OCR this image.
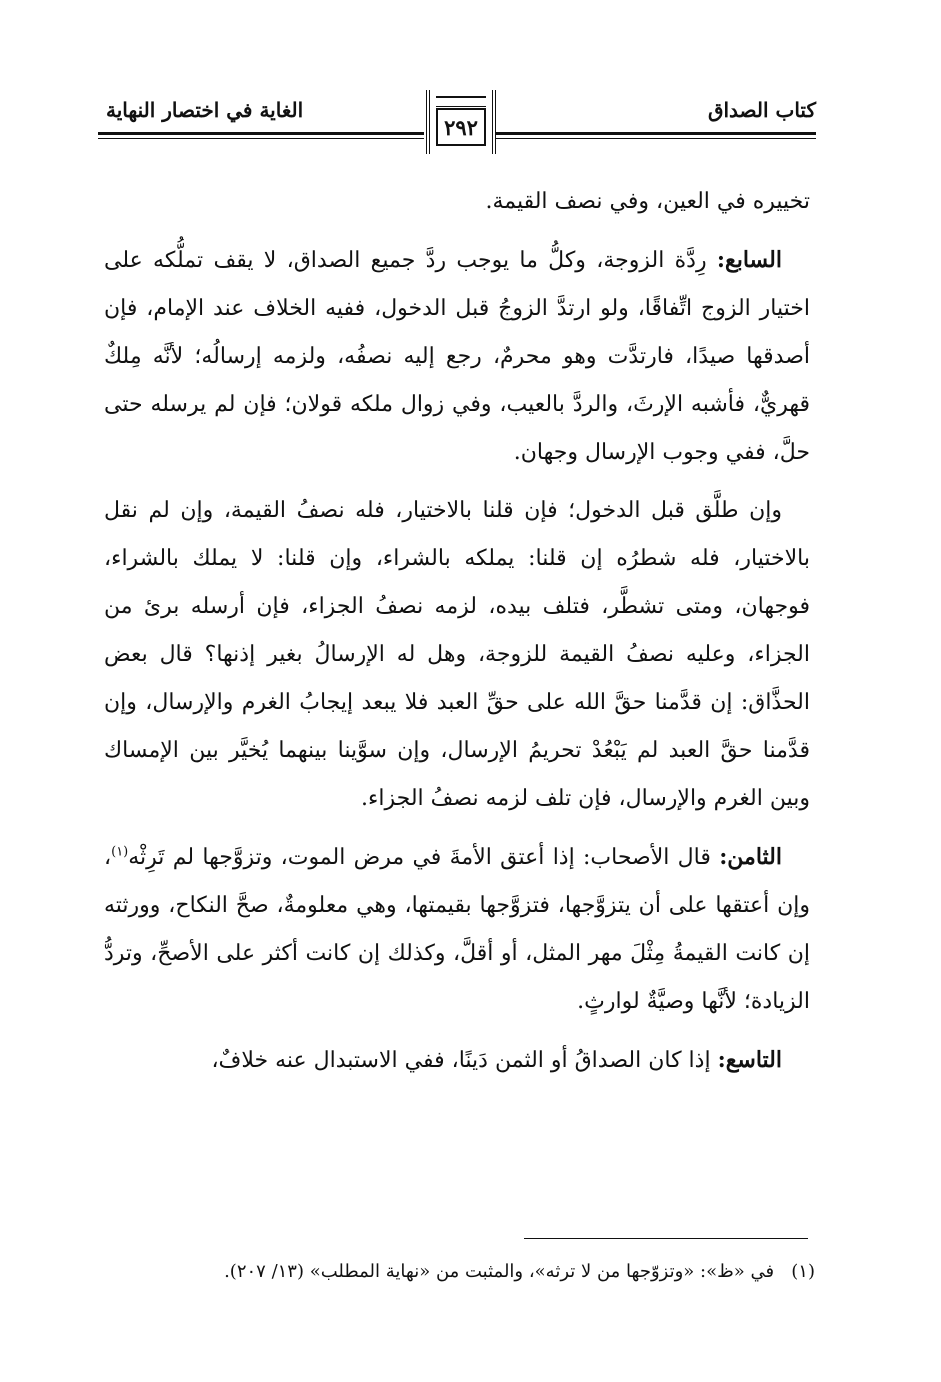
كتاب الصداق
الغاية في اختصار النهاية
٢٩٢

تخييره في العين، وفي نصف القيمة.

السابع: رِدَّة الزوجة، وكلُّ ما يوجب ردَّ جميع الصداق، لا يقف تملُّكه على اختيار الزوج اتِّفاقًا، ولو ارتدَّ الزوجُ قبل الدخول، ففيه الخلاف عند الإمام، فإن أصدقها صيدًا، فارتدَّت وهو محرمٌ، رجع إليه نصفُه، ولزمه إرسالُه؛ لأنَّه مِلكٌ قهريٌّ، فأشبه الإرثَ، والردَّ بالعيب، وفي زوال ملكه قولان؛ فإن لم يرسله حتى حلَّ، ففي وجوب الإرسال وجهان.

وإن طلَّق قبل الدخول؛ فإن قلنا بالاختيار، فله نصفُ القيمة، وإن لم نقل بالاختيار، فله شطرُه إن قلنا: يملكه بالشراء، وإن قلنا: لا يملك بالشراء، فوجهان، ومتى تشطَّر، فتلف بيده، لزمه نصفُ الجزاء، فإن أرسله برئ من الجزاء، وعليه نصفُ القيمة للزوجة، وهل له الإرسالُ بغير إذنها؟ قال بعض الحذَّاق: إن قدَّمنا حقَّ الله على حقِّ العبد فلا يبعد إيجابُ الغرم والإرسال، وإن قدَّمنا حقَّ العبد لم يَبْعُدْ تحريمُ الإرسال، وإن سوَّينا بينهما يُخيَّر بين الإمساك وبين الغرم والإرسال، فإن تلف لزمه نصفُ الجزاء.

الثامن: قال الأصحاب: إذا أعتق الأمةَ في مرض الموت، وتزوَّجها لم تَرِثْه$^{(١)}$، وإن أعتقها على أن يتزوَّجها، فتزوَّجها بقيمتها، وهي معلومةٌ، صحَّ النكاح، وورثته إن كانت القيمةُ مِثْلَ مهر المثل، أو أقلَّ، وكذلك إن كانت أكثر على الأصحِّ، وتردُّ الزيادة؛ لأنَّها وصيَّةٌ لوارثٍ.

التاسع: إذا كان الصداقُ أو الثمن دَينًا، ففي الاستبدال عنه خلافٌ،

(١)   في «ظ»: «وتزوّجها من لا ترثه»، والمثبت من «نهاية المطلب» (١٣/ ٢٠٧).
